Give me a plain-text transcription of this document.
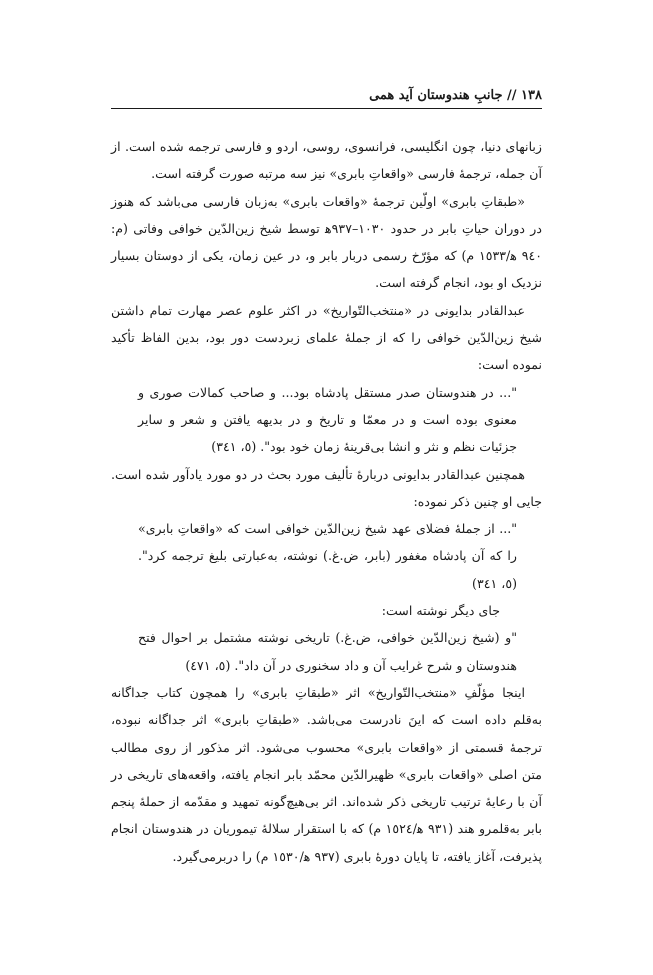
١٣٨ // جانبِ هندوستان آید همی

زبانهای دنیا، چون انگلیسی، فرانسوی، روسی، اردو و فارسی ترجمه شده است. از آن جمله، ترجمهٔ فارسی «واقعاتِ بابری» نیز سه مرتبه صورت گرفته است.

«طبقاتِ بابری» اولّین ترجمهٔ «واقعات بابری» به‌زبان فارسی می‌باشد که هنوز در دوران حیاتِ بابر در حدود ١٠٣٠–٩٣٧ﻫ توسط شیخ زین‌الدّین خوافی وفاتی (م: ٩٤٠ ﻫ/١٥٣٣ م) که مؤرّخ رسمی دربار بابر و، در عین زمان، یکی از دوستان بسیار نزدیک او بود، انجام گرفته است.

عبدالقادر بدایونی در «منتخب‌التّواریخ» در اکثر علوم عصر مهارت تمام داشتن شیخ زین‌الدّین خوافی را که از جملهٔ علمای زبردست دور بود، بدین الفاظ تأکید نموده است:

"... در هندوستان صدر مستقل پادشاه بود... و صاحب کمالات صوری و معنوی بوده است و در معمّا و تاریخ و در بدیهه یافتن و شعر و سایر جزئیات نظم و نثر و انشا بی‌قرینهٔ زمان خود بود". (٥، ٣٤١)

همچنین عبدالقادر بدایونی دربارهٔ تألیف مورد بحث در دو مورد یادآور شده است. جایی او چنین ذکر نموده:

"... از جملهٔ فضلای عهد شیخ زین‌الدّین خوافی است که «واقعاتِ بابری» را که آن پادشاه مغفور (بابر، ض.غ.) نوشته، به‌عبارتی بلیغ ترجمه کرد". (٥، ٣٤١)

جای دیگر نوشته است:

"و (شیخ زین‌الدّین خوافی، ض.غ.) تاریخی نوشته مشتمل بر احوال فتح هندوستان و شرح غرایب آن و داد سخنوری در آن داد". (٥، ٤٧١)

اینجا مؤلّفِ «منتخب‌التّواریخ» اثر «طبقاتِ بابری» را همچون کتاب جداگانه به‌قلم داده است که اینَ نادرست می‌باشد. «طبقاتِ بابری» اثر جداگانه نبوده، ترجمهٔ قسمتی از «واقعات بابری» محسوب می‌شود. اثر مذکور از روی مطالب متن اصلی «واقعات بابری» ظهیرالدّین محمّد بابر انجام یافته، واقعه‌های تاریخی در آن با رعایهٔ ترتیب تاریخی ذکر شده‌اند. اثر بی‌هیچ‌گونه تمهید و مقدّمه از حملهٔ پنجم بابر به‌قلمرو هند (٩٣١ ﻫ/١٥٢٤ م) که با استقرار سلالهٔ تیموریان در هندوستان انجام پذیرفت، آغاز یافته، تا پایان دورهٔ بابری (٩٣٧ ﻫ/١٥٣٠ م) را دربرمی‌گیرد.
